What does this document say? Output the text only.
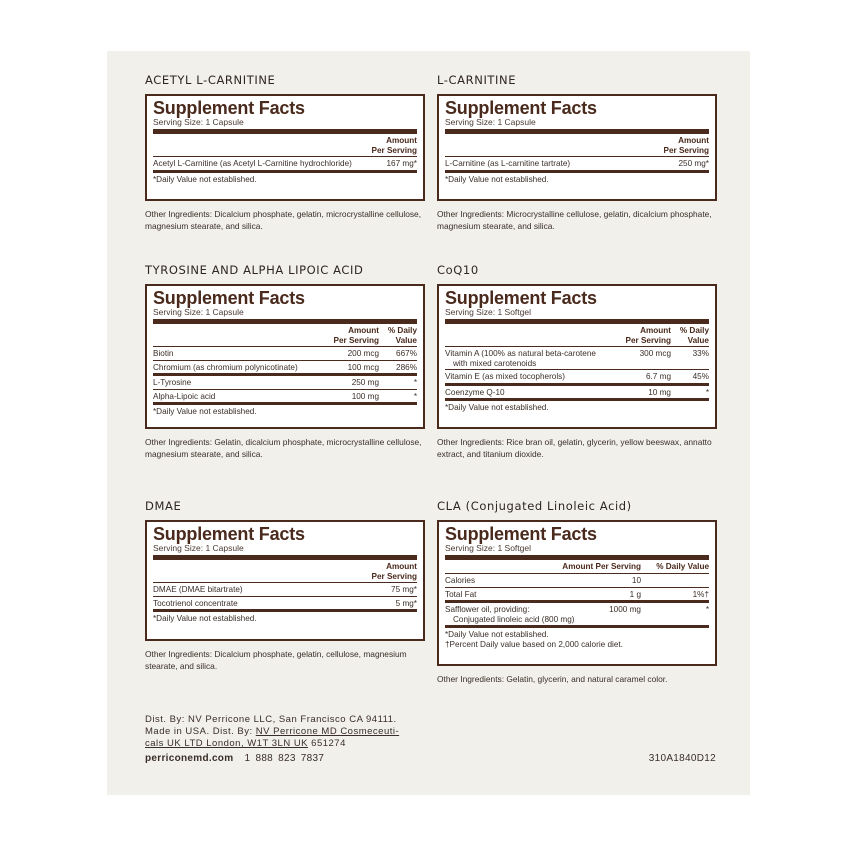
ACETYL L-CARNITINE
Supplement Facts
Serving Size: 1 Capsule
Amount
Per Serving
Acetyl L-Carnitine (as Acetyl L-Carnitine hydrochloride)	167 mg*
*Daily Value not established.
Other Ingredients: Dicalcium phosphate, gelatin, microcrystalline cellulose, magnesium stearate, and silica.
L-CARNITINE
Supplement Facts
Serving Size: 1 Capsule
Amount
Per Serving
L-Carnitine (as L-carnitine tartrate)	250 mg*
*Daily Value not established.
Other Ingredients: Microcrystalline cellulose, gelatin, dicalcium phosphate, magnesium stearate, and silica.
TYROSINE AND ALPHA LIPOIC ACID
Supplement Facts
Serving Size: 1 Capsule
Amount
Per Serving
% Daily
Value
Biotin	200 mcg	667%
Chromium (as chromium polynicotinate)	100 mcg	286%
L-Tyrosine	250 mg	*
Alpha-Lipoic acid	100 mg	*
*Daily Value not established.
Other Ingredients: Gelatin, dicalcium phosphate, microcrystalline cellulose, magnesium stearate, and silica.
CoQ10
Supplement Facts
Serving Size: 1 Softgel
Amount
Per Serving
% Daily
Value
Vitamin A (100% as natural beta-carotene
with mixed carotenoids
300 mcg	33%
Vitamin E (as mixed tocopherols)	6.7 mg	45%
Coenzyme Q-10	10 mg	*
*Daily Value not established.
Other Ingredients: Rice bran oil, gelatin, glycerin, yellow beeswax, annatto extract, and titanium dioxide.
DMAE
Supplement Facts
Serving Size: 1 Capsule
Amount
Per Serving
DMAE (DMAE bitartrate)	75 mg*
Tocotrienol concentrate	5 mg*
*Daily Value not established.
Other Ingredients: Dicalcium phosphate, gelatin, cellulose, magnesium stearate, and silica.
CLA (Conjugated Linoleic Acid)
Supplement Facts
Serving Size: 1 Softgel
Amount Per Serving	% Daily Value
Calories	10
Total Fat	1 g	1%†
Safflower oil, providing:
Conjugated linoleic acid (800 mg)
1000 mg	*
*Daily Value not established.
†Percent Daily value based on 2,000 calorie diet.
Other Ingredients: Gelatin, glycerin, and natural caramel color.
Dist. By: NV Perricone LLC, San Francisco CA 94111.
Made in USA. Dist. By: NV Perricone MD Cosmeceuti-
cals UK LTD London, W1T 3LN UK 651274
perriconemd.com 1 888 823 7837	310A1840D12
